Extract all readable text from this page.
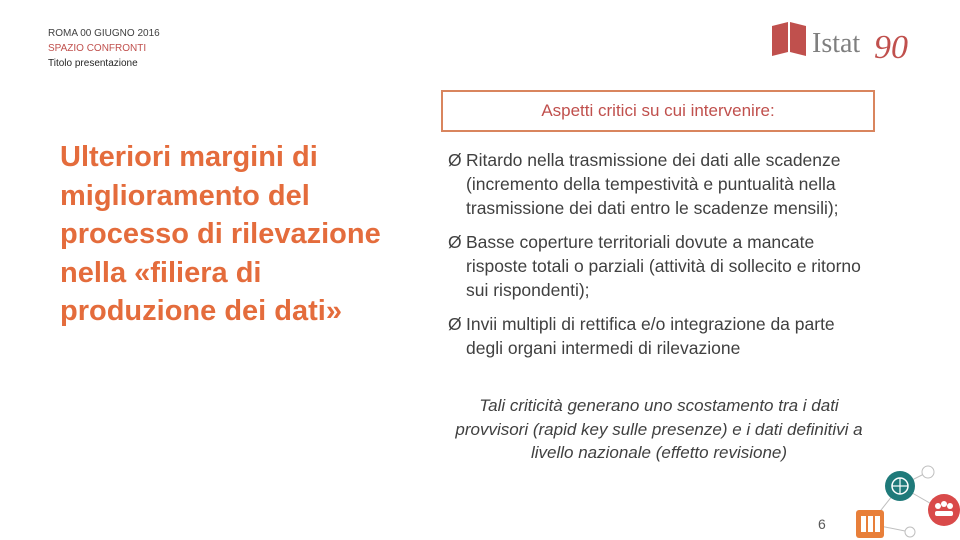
ROMA 00 GIUGNO 2016
SPAZIO CONFRONTI
Titolo presentazione
Istat 90
Aspetti critici su cui intervenire:
Ulteriori margini di miglioramento del processo di rilevazione nella «filiera di produzione dei dati»
Ø Ritardo nella trasmissione dei dati alle scadenze (incremento della tempestività e puntualità nella trasmissione dei dati entro le scadenze mensili);
Ø Basse coperture territoriali dovute a mancate risposte totali o parziali (attività di sollecito e ritorno sui rispondenti);
Ø Invii multipli di rettifica e/o integrazione da parte degli organi intermedi di rilevazione
Tali criticità generano uno scostamento tra i dati provvisori (rapid key sulle presenze) e i dati definitivi a livello nazionale (effetto revisione)
6
